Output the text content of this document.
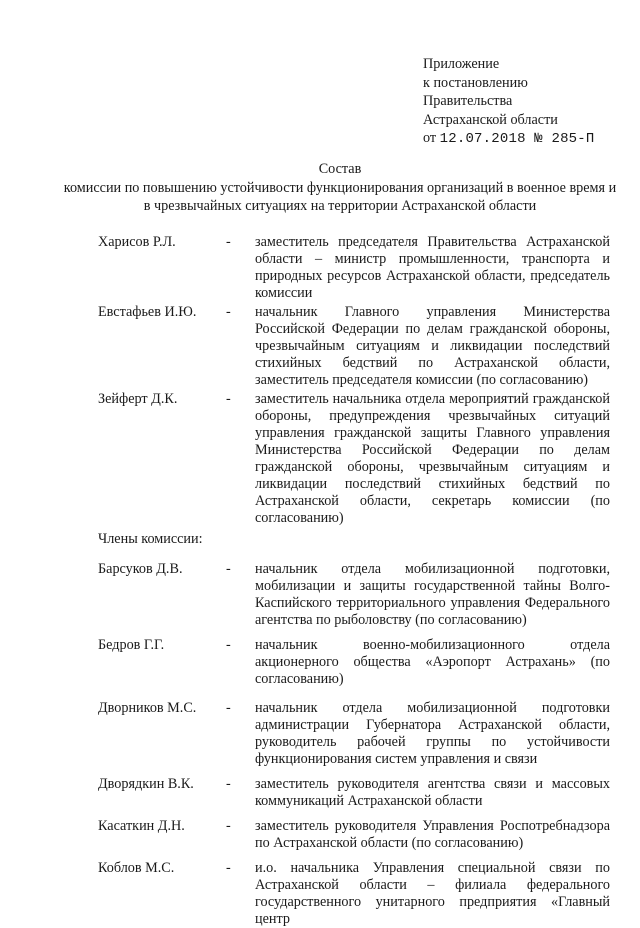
Приложение
к постановлению
Правительства
Астраханской области
от 12.07.2018 № 285-П
Состав
комиссии по повышению устойчивости функционирования организаций в военное время и в чрезвычайных ситуациях на территории Астраханской области
Харисов Р.Л.	- заместитель председателя Правительства Астраханской области – министр промышленности, транспорта и природных ресурсов Астраханской области, председатель комиссии
Евстафьев И.Ю. - начальник Главного управления Министерства Российской Федерации по делам гражданской обороны, чрезвычайным ситуациям и ликвидации последствий стихийных бедствий по Астраханской области, заместитель председателя комиссии (по согласованию)
Зейферт Д.К.	- заместитель начальника отдела мероприятий гражданской обороны, предупреждения чрезвычайных ситуаций управления гражданской защиты Главного управления Министерства Российской Федерации по делам гражданской обороны, чрезвычайным ситуациям и ликвидации последствий стихийных бедствий по Астраханской области, секретарь комиссии (по согласованию)
Члены комиссии:
Барсуков Д.В.	- начальник отдела мобилизационной подготовки, мобилизации и защиты государственной тайны Волго-Каспийского территориального управления Федерального агентства по рыболовству (по согласованию)
Бедров Г.Г.	- начальник военно-мобилизационного отдела акционерного общества «Аэропорт Астрахань» (по согласованию)
Дворников М.С. - начальник отдела мобилизационной подготовки администрации Губернатора Астраханской области, руководитель рабочей группы по устойчивости функционирования систем управления и связи
Дворядкин В.К. - заместитель руководителя агентства связи и массовых коммуникаций Астраханской области
Касаткин Д.Н.	- заместитель руководителя Управления Роспотребнадзора по Астраханской области (по согласованию)
Коблов М.С.	- и.о. начальника Управления специальной связи по Астраханской области – филиала федерального государственного унитарного предприятия «Главный центр
